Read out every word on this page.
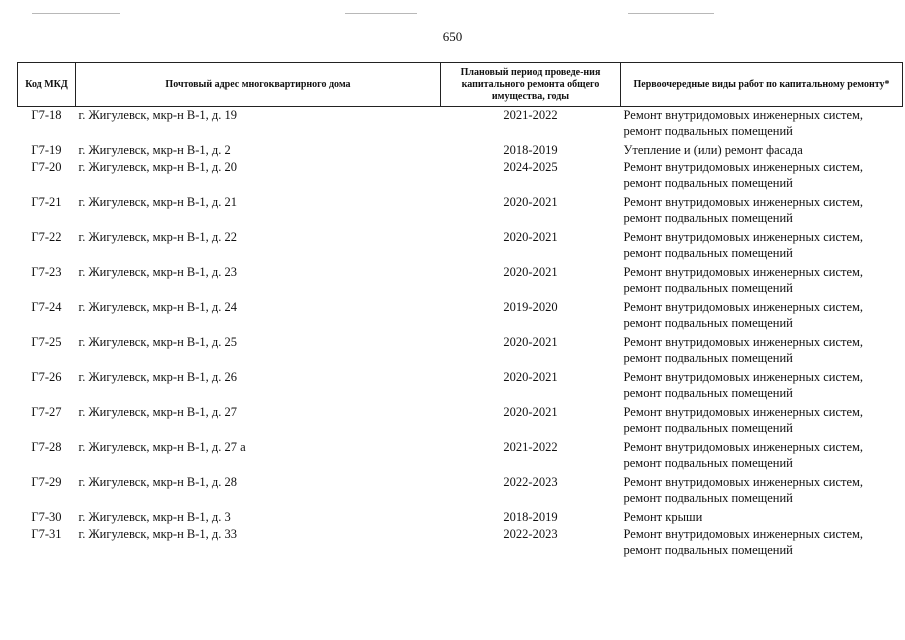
650
Код МКД	Почтовый адрес многоквартирного дома	Плановый период проведе-ния капитального ремонта общего имущества, годы	Первоочередные виды работ по капитальному ремонту*
Г7-18	г. Жигулевск, мкр-н В-1, д. 19	2021-2022	Ремонт внутридомовых инженерных систем, ремонт подвальных помещений
Г7-19	г. Жигулевск, мкр-н В-1, д. 2	2018-2019	Утепление и (или) ремонт фасада
Г7-20	г. Жигулевск, мкр-н В-1, д. 20	2024-2025	Ремонт внутридомовых инженерных систем, ремонт подвальных помещений
Г7-21	г. Жигулевск, мкр-н В-1, д. 21	2020-2021	Ремонт внутридомовых инженерных систем, ремонт подвальных помещений
Г7-22	г. Жигулевск, мкр-н В-1, д. 22	2020-2021	Ремонт внутридомовых инженерных систем, ремонт подвальных помещений
Г7-23	г. Жигулевск, мкр-н В-1, д. 23	2020-2021	Ремонт внутридомовых инженерных систем, ремонт подвальных помещений
Г7-24	г. Жигулевск, мкр-н В-1, д. 24	2019-2020	Ремонт внутридомовых инженерных систем, ремонт подвальных помещений
Г7-25	г. Жигулевск, мкр-н В-1, д. 25	2020-2021	Ремонт внутридомовых инженерных систем, ремонт подвальных помещений
Г7-26	г. Жигулевск, мкр-н В-1, д. 26	2020-2021	Ремонт внутридомовых инженерных систем, ремонт подвальных помещений
Г7-27	г. Жигулевск, мкр-н В-1, д. 27	2020-2021	Ремонт внутридомовых инженерных систем, ремонт подвальных помещений
Г7-28	г. Жигулевск, мкр-н В-1, д. 27 а	2021-2022	Ремонт внутридомовых инженерных систем, ремонт подвальных помещений
Г7-29	г. Жигулевск, мкр-н В-1, д. 28	2022-2023	Ремонт внутридомовых инженерных систем, ремонт подвальных помещений
Г7-30	г. Жигулевск, мкр-н В-1, д. 3	2018-2019	Ремонт крыши
Г7-31	г. Жигулевск, мкр-н В-1, д. 33	2022-2023	Ремонт внутридомовых инженерных систем, ремонт подвальных помещений
